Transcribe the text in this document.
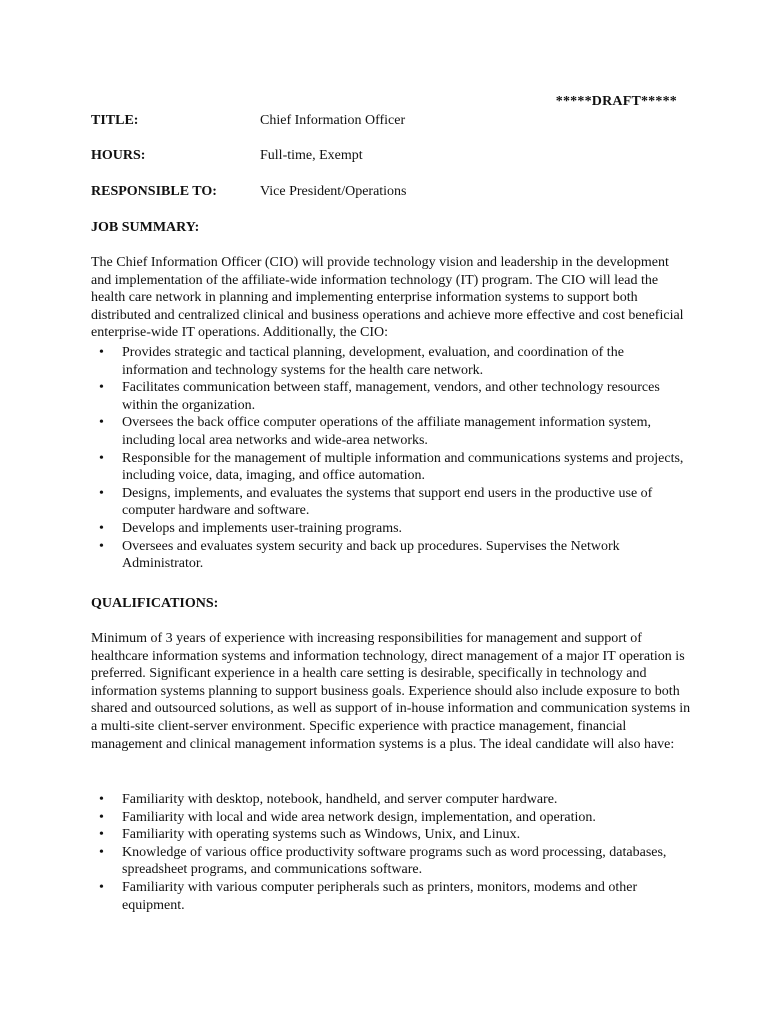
*****DRAFT*****
TITLE:	Chief Information Officer
HOURS:	Full-time, Exempt
RESPONSIBLE TO:	Vice President/Operations
JOB SUMMARY:

The Chief Information Officer (CIO) will provide technology vision and leadership in the development and implementation of the affiliate-wide information technology (IT) program. The CIO will lead the health care network in planning and implementing enterprise information systems to support both distributed and centralized clinical and business operations and achieve more effective and cost beneficial enterprise-wide IT operations. Additionally, the CIO:

• Provides strategic and tactical planning, development, evaluation, and coordination of the information and technology systems for the health care network.
• Facilitates communication between staff, management, vendors, and other technology resources within the organization.
• Oversees the back office computer operations of the affiliate management information system, including local area networks and wide-area networks.
• Responsible for the management of multiple information and communications systems and projects, including voice, data, imaging, and office automation.
• Designs, implements, and evaluates the systems that support end users in the productive use of computer hardware and software.
• Develops and implements user-training programs.
• Oversees and evaluates system security and back up procedures. Supervises the Network Administrator.
QUALIFICATIONS:

Minimum of 3 years of experience with increasing responsibilities for management and support of healthcare information systems and information technology, direct management of a major IT operation is preferred. Significant experience in a health care setting is desirable, specifically in technology and information systems planning to support business goals. Experience should also include exposure to both shared and outsourced solutions, as well as support of in-house information and communication systems in a multi-site client-server environment. Specific experience with practice management, financial management and clinical management information systems is a plus. The ideal candidate will also have:

• Familiarity with desktop, notebook, handheld, and server computer hardware.
• Familiarity with local and wide area network design, implementation, and operation.
• Familiarity with operating systems such as Windows, Unix, and Linux.
• Knowledge of various office productivity software programs such as word processing, databases, spreadsheet programs, and communications software.
• Familiarity with various computer peripherals such as printers, monitors, modems and other equipment.
